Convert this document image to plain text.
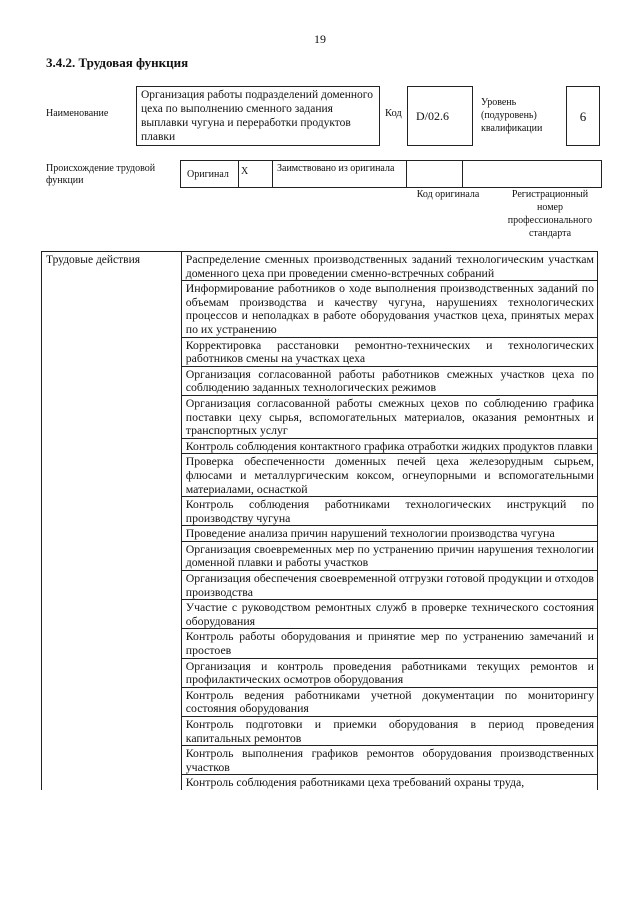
19
3.4.2. Трудовая функция
Наименование
Организация работы подразделений доменного цеха по выполнению сменного задания выплавки чугуна и переработки продуктов плавки
Код	D/02.6
Уровень (подуровень) квалификации
6
Происхождение трудовой функции
Оригинал	X	Заимствовано из оригинала
Код оригинала	Регистрационный номер профессионального стандарта
Трудовые действия	Распределение сменных производственных заданий технологическим участкам доменного цеха при проведении сменно-встречных собраний
Информирование работников о ходе выполнения производственных заданий по объемам производства и качеству чугуна, нарушениях технологических процессов и неполадках в работе оборудования участков цеха, принятых мерах по их устранению
Корректировка расстановки ремонтно-технических и технологических работников смены на участках цеха
Организация согласованной работы работников смежных участков цеха по соблюдению заданных технологических режимов
Организация согласованной работы смежных цехов по соблюдению графика поставки цеху сырья, вспомогательных материалов, оказания ремонтных и транспортных услуг
Контроль соблюдения контактного графика отработки жидких продуктов плавки
Проверка обеспеченности доменных печей цеха железорудным сырьем, флюсами и металлургическим коксом, огнеупорными и вспомогательными материалами, оснасткой
Контроль соблюдения работниками технологических инструкций по производству чугуна
Проведение анализа причин нарушений технологии производства чугуна
Организация своевременных мер по устранению причин нарушения технологии доменной плавки и работы участков
Организация обеспечения своевременной отгрузки готовой продукции и отходов производства
Участие с руководством ремонтных служб в проверке технического состояния оборудования
Контроль работы оборудования и принятие мер по устранению замечаний и простоев
Организация и контроль проведения работниками текущих ремонтов и профилактических осмотров оборудования
Контроль ведения работниками учетной документации по мониторингу состояния оборудования
Контроль подготовки и приемки оборудования в период проведения капитальных ремонтов
Контроль выполнения графиков ремонтов оборудования производственных участков
Контроль соблюдения работниками цеха требований охраны труда,
